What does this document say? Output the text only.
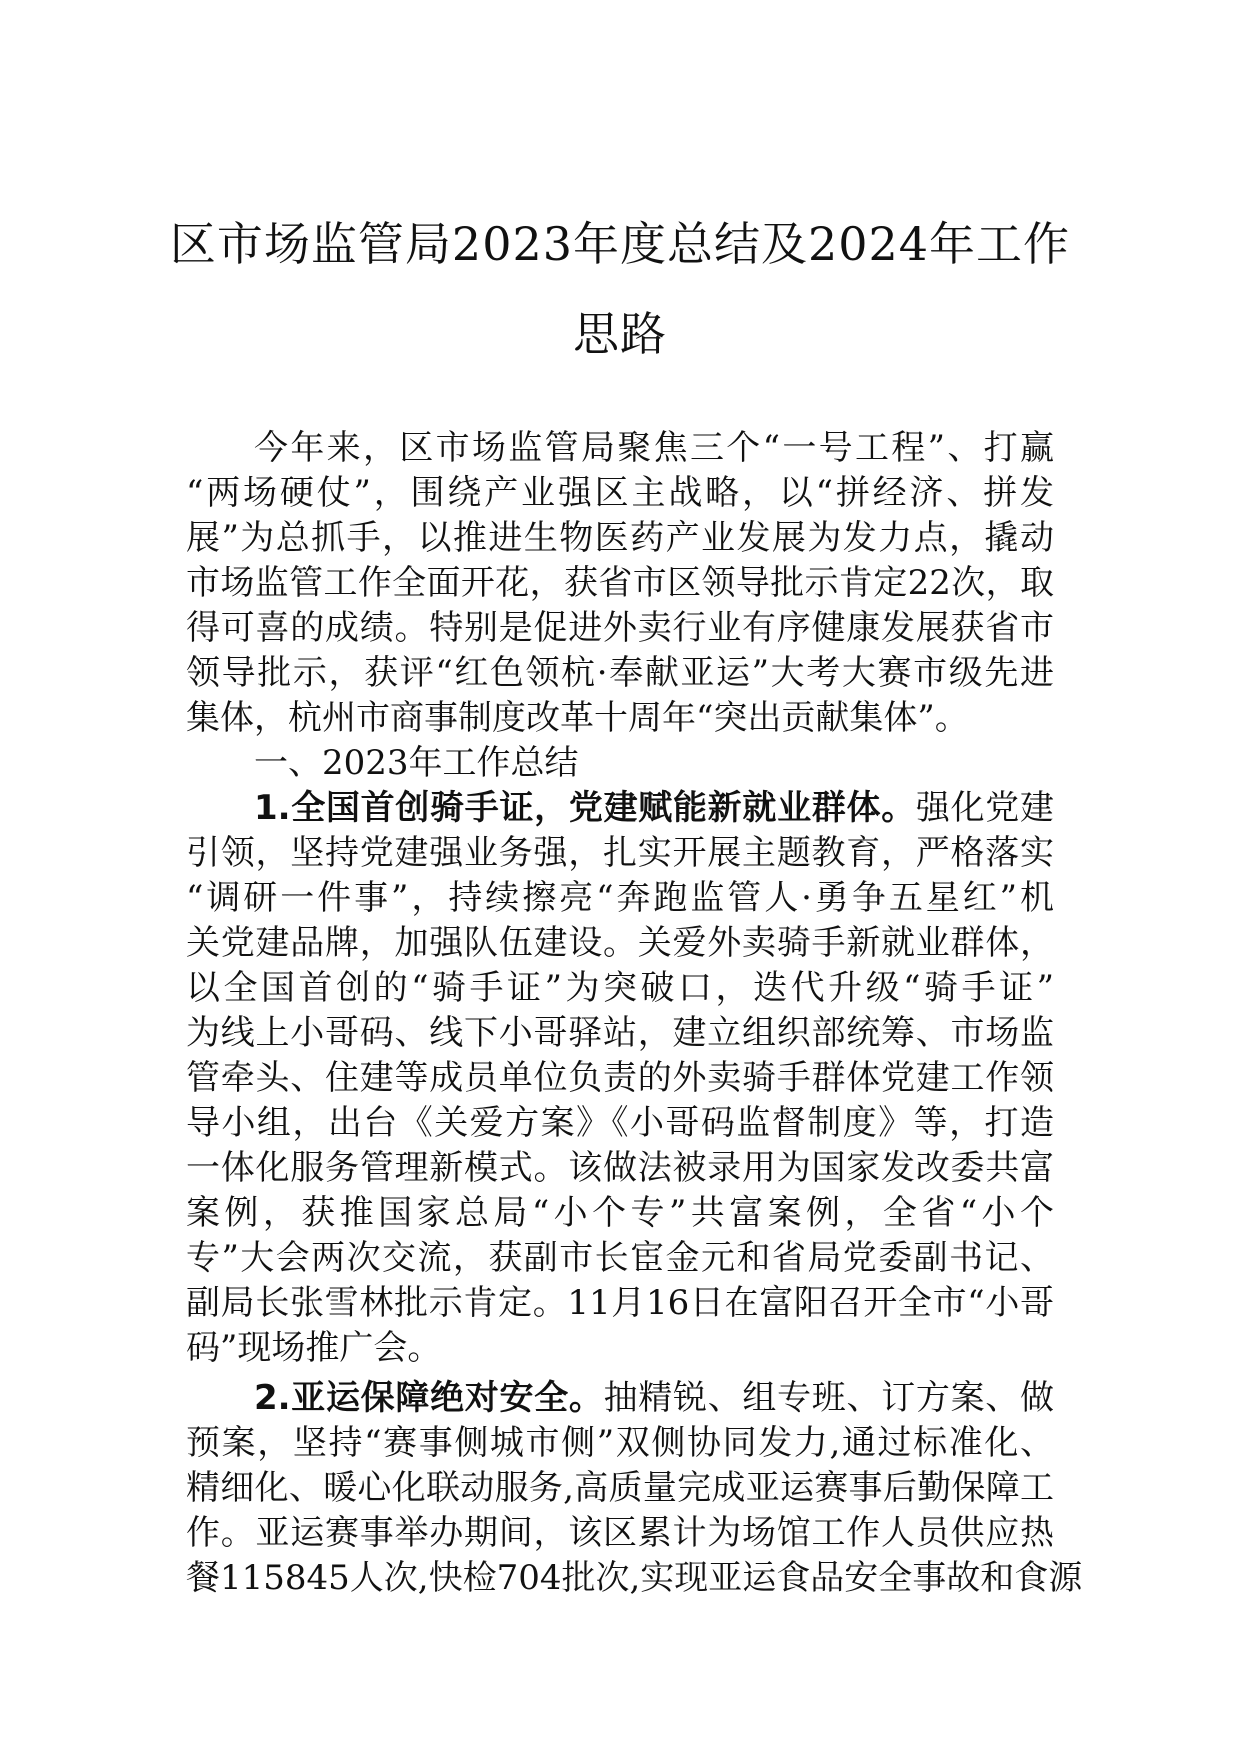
区市场监管局2023年度总结及2024年工作
思路
今年来，区市场监管局聚焦三个“一号工程”、打赢
“两场硬仗”，围绕产业强区主战略，以“拼经济、拼发
展”为总抓手，以推进生物医药产业发展为发力点，撬动
市场监管工作全面开花，获省市区领导批示肯定22次，取
得可喜的成绩。特别是促进外卖行业有序健康发展获省市
领导批示，获评“红色领杭·奉献亚运”大考大赛市级先进
集体，杭州市商事制度改革十周年“突出贡献集体”。
一、2023年工作总结
1.全国首创骑手证，党建赋能新就业群体。强化党建
引领，坚持党建强业务强，扎实开展主题教育，严格落实
“调研一件事”，持续擦亮“奔跑监管人·勇争五星红”机
关党建品牌，加强队伍建设。关爱外卖骑手新就业群体，
以全国首创的“骑手证”为突破口，迭代升级“骑手证”
为线上小哥码、线下小哥驿站，建立组织部统筹、市场监
管牵头、住建等成员单位负责的外卖骑手群体党建工作领
导小组，出台《关爱方案》《小哥码监督制度》等，打造
一体化服务管理新模式。该做法被录用为国家发改委共富
案例，获推国家总局“小个专”共富案例，全省“小个
专”大会两次交流，获副市长宦金元和省局党委副书记、
副局长张雪林批示肯定。11月16日在富阳召开全市“小哥
码”现场推广会。
2.亚运保障绝对安全。抽精锐、组专班、订方案、做
预案，坚持“赛事侧城市侧”双侧协同发力,通过标准化、
精细化、暖心化联动服务,高质量完成亚运赛事后勤保障工
作。亚运赛事举办期间，该区累计为场馆工作人员供应热
餐115845人次,快检704批次,实现亚运食品安全事故和食源
